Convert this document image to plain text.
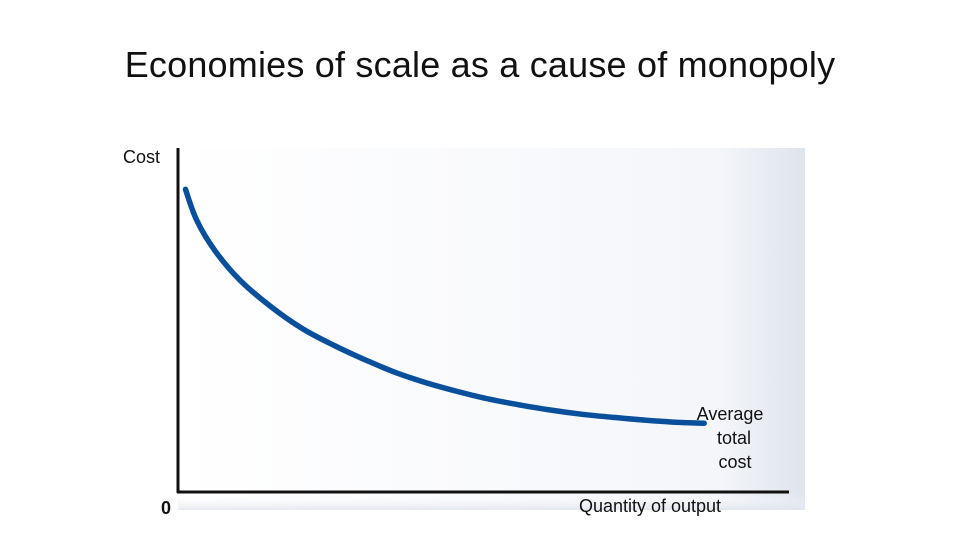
Economies of scale as a cause of monopoly
Cost
0	Quantity of output
Average
total
cost
